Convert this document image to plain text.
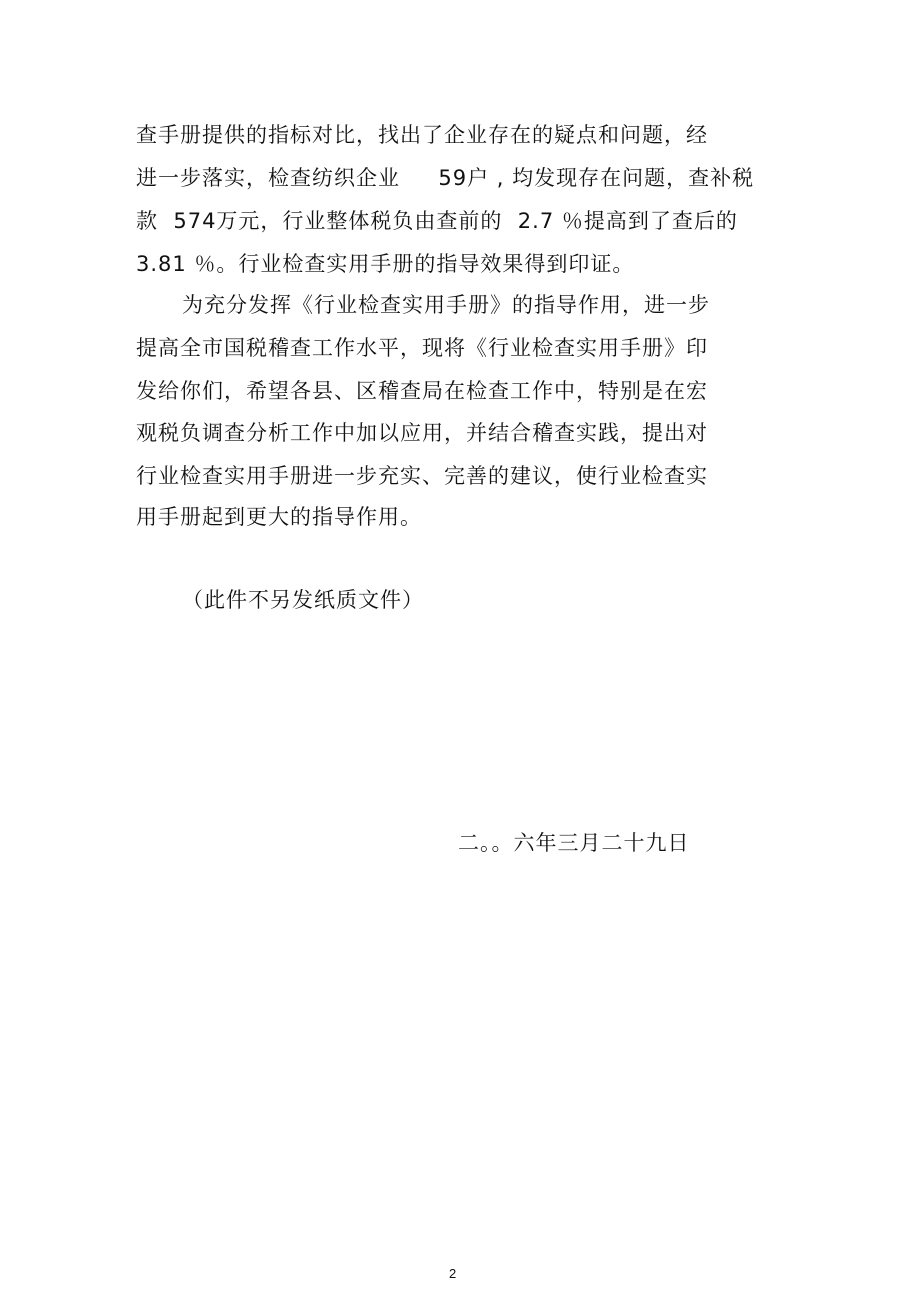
查手册提供的指标对比，找出了企业存在的疑点和问题，经
进一步落实，检查纺织企业     59户 , 均发现存在问题，查补税
款  574万元，行业整体税负由查前的  2.7 ％提高到了查后的
3.81 ％。行业检查实用手册的指导效果得到印证。
为充分发挥《行业检查实用手册》的指导作用，进一步
提高全市国税稽查工作水平，现将《行业检查实用手册》印
发给你们，希望各县、区稽查局在检查工作中，特别是在宏
观税负调查分析工作中加以应用，并结合稽查实践，提出对
行业检查实用手册进一步充实、完善的建议，使行业检查实
用手册起到更大的指导作用。
（此件不另发纸质文件）
二。。六年三月二十九日
2
